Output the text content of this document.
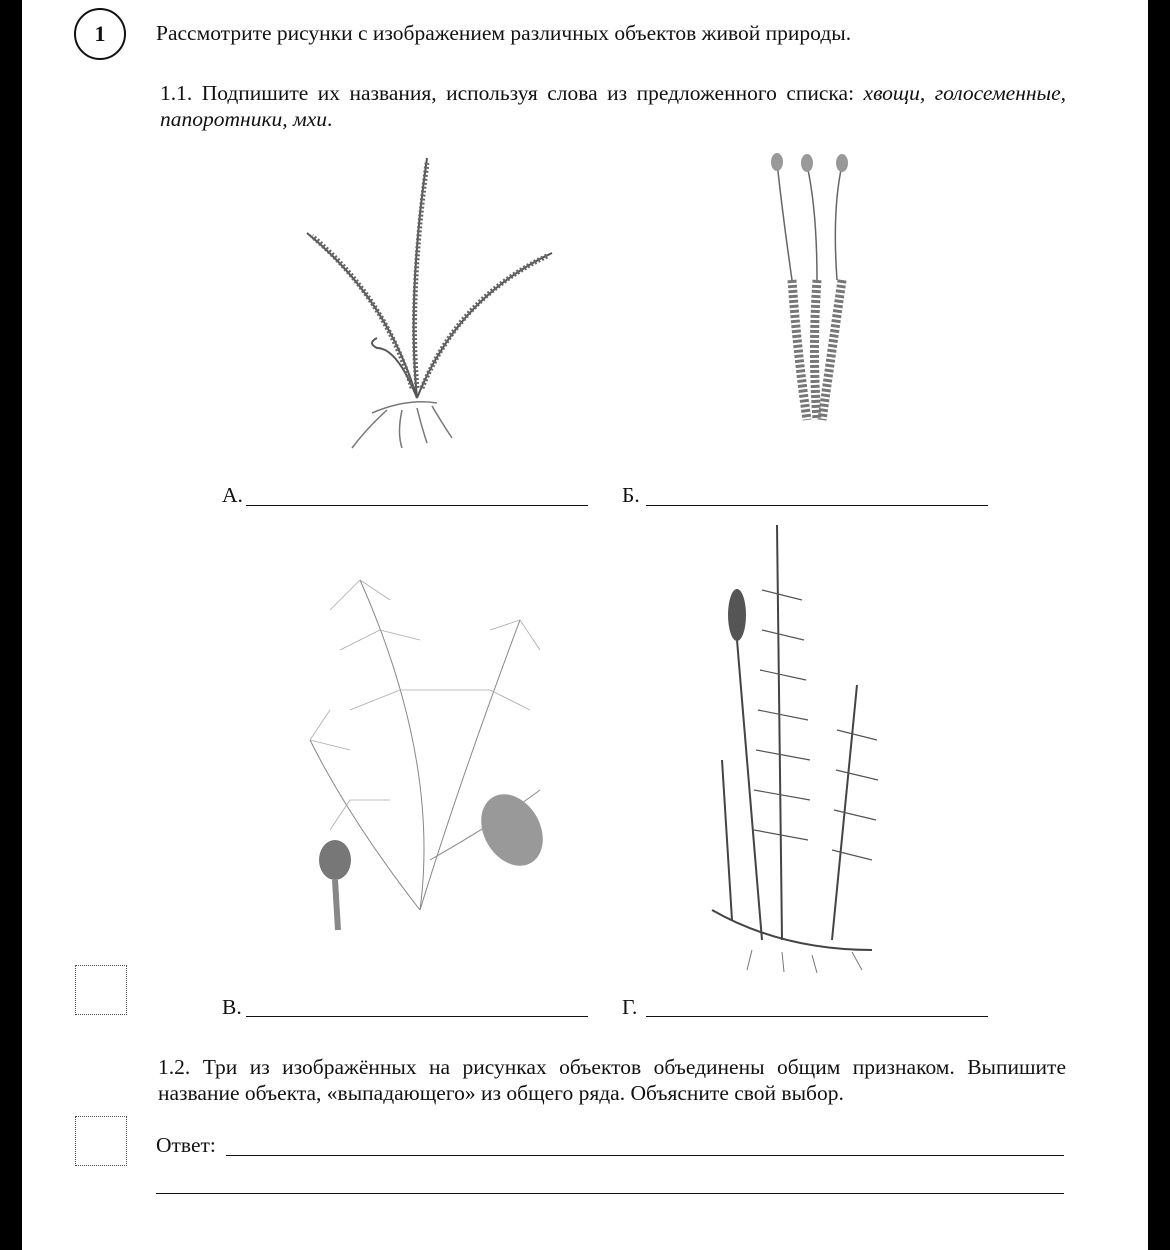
1	Рассмотрите рисунки с изображением различных объектов живой природы.
1.1. Подпишите их названия, используя слова из предложенного списка: хвощи, голосеменные, папоротники, мхи.
А.	Б.
В.	Г.
1.2. Три из изображённых на рисунках объектов объединены общим признаком. Выпишите название объекта, «выпадающего» из общего ряда. Объясните свой выбор.
Ответ:
